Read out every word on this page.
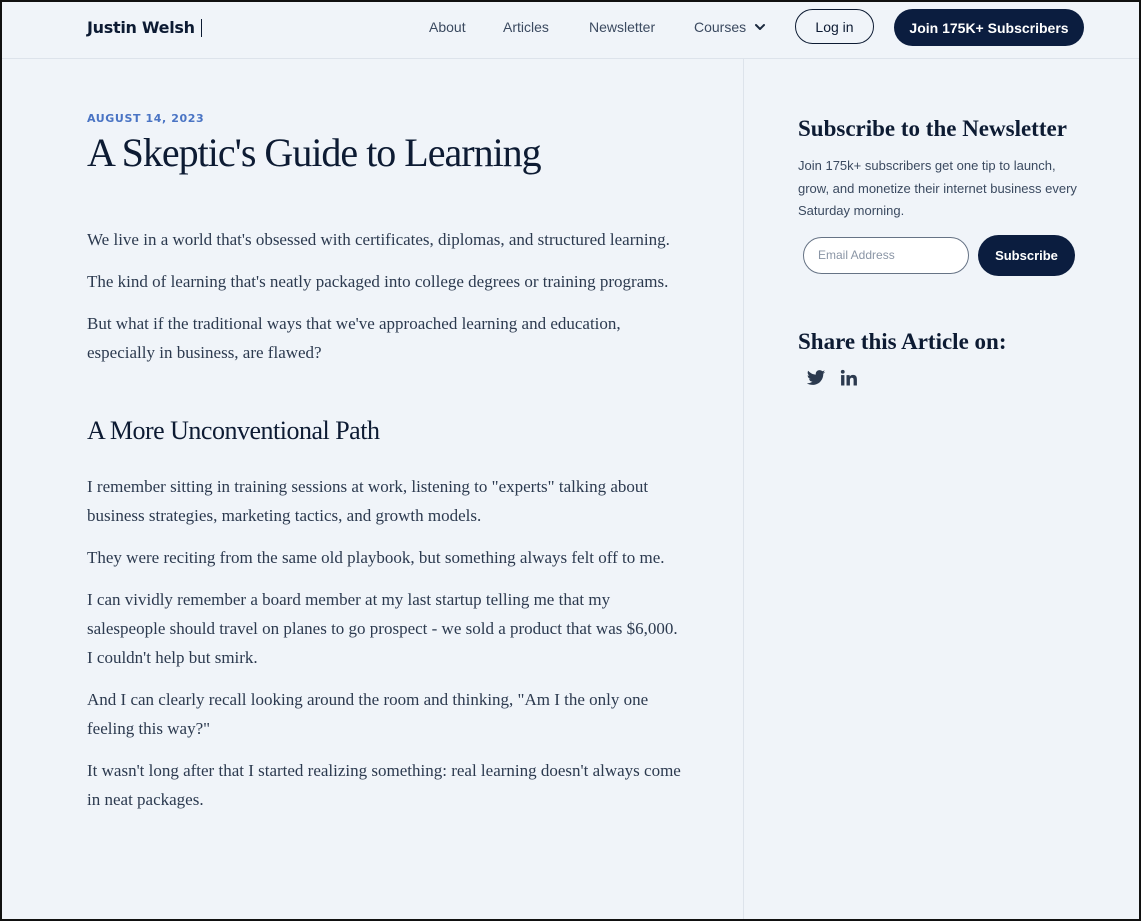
Justin Welsh	About	Articles	Newsletter	Courses	Log in	Join 175K+ Subscribers
AUGUST 14, 2023
A Skeptic's Guide to Learning

We live in a world that's obsessed with certificates, diplomas, and structured learning.

The kind of learning that's neatly packaged into college degrees or training programs.

But what if the traditional ways that we've approached learning and education, especially in business, are flawed?

A More Unconventional Path

I remember sitting in training sessions at work, listening to "experts" talking about business strategies, marketing tactics, and growth models.

They were reciting from the same old playbook, but something always felt off to me.

I can vividly remember a board member at my last startup telling me that my salespeople should travel on planes to go prospect - we sold a product that was $6,000. I couldn't help but smirk.

And I can clearly recall looking around the room and thinking, "Am I the only one feeling this way?"

It wasn't long after that I started realizing something: real learning doesn't always come in neat packages.

Subscribe to the Newsletter

Join 175k+ subscribers get one tip to launch, grow, and monetize their internet business every Saturday morning.

Email Address
Subscribe
Share this Article on:
